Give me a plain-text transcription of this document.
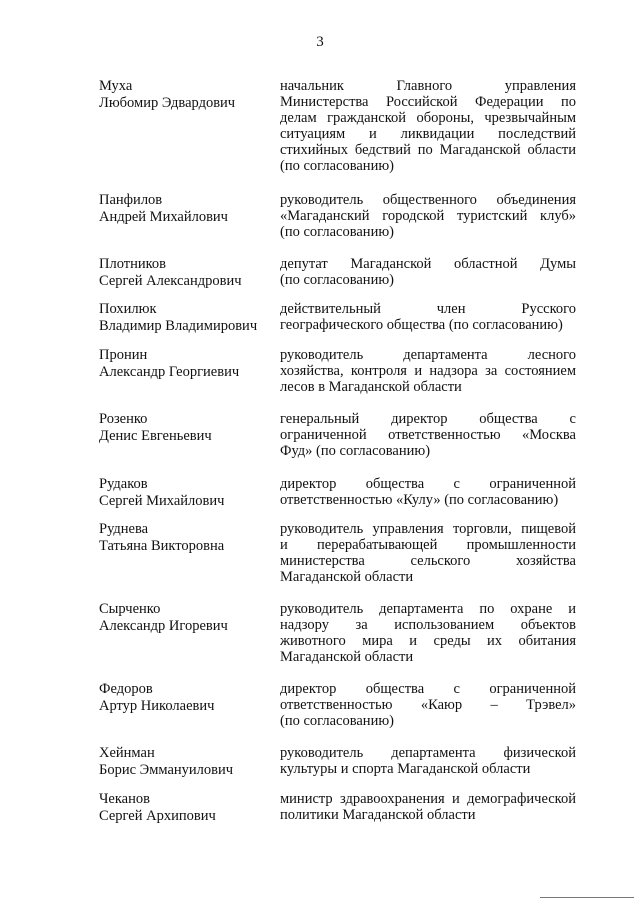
3
Муха
Любомир Эдвардович
начальник Главного управления
Министерства Российской Федерации по
делам гражданской обороны, чрезвычайным
ситуациям и ликвидации последствий
стихийных бедствий по Магаданской области
(по согласованию)
Панфилов
Андрей Михайлович
руководитель общественного объединения
«Магаданский городской туристский клуб»
(по согласованию)
Плотников
Сергей Александрович
депутат Магаданской областной Думы
(по согласованию)
Похилюк
Владимир Владимирович
действительный член Русского
географического общества (по согласованию)
Пронин
Александр Георгиевич
руководитель департамента лесного
хозяйства, контроля и надзора за состоянием
лесов в Магаданской области
Розенко
Денис Евгеньевич
генеральный директор общества с
ограниченной ответственностью «Москва
Фуд» (по согласованию)
Рудаков
Сергей Михайлович
директор общества с ограниченной
ответственностью «Кулу» (по согласованию)
Руднева
Татьяна Викторовна
руководитель управления торговли, пищевой
и перерабатывающей промышленности
министерства сельского хозяйства
Магаданской области
Сырченко
Александр Игоревич
руководитель департамента по охране и
надзору за использованием объектов
животного мира и среды их обитания
Магаданской области
Федоров
Артур Николаевич
директор общества с ограниченной
ответственностью «Каюр – Трэвел»
(по согласованию)
Хейнман
Борис Эммануилович
руководитель департамента физической
культуры и спорта Магаданской области
Чеканов
Сергей Архипович
министр здравоохранения и демографической
политики Магаданской области
